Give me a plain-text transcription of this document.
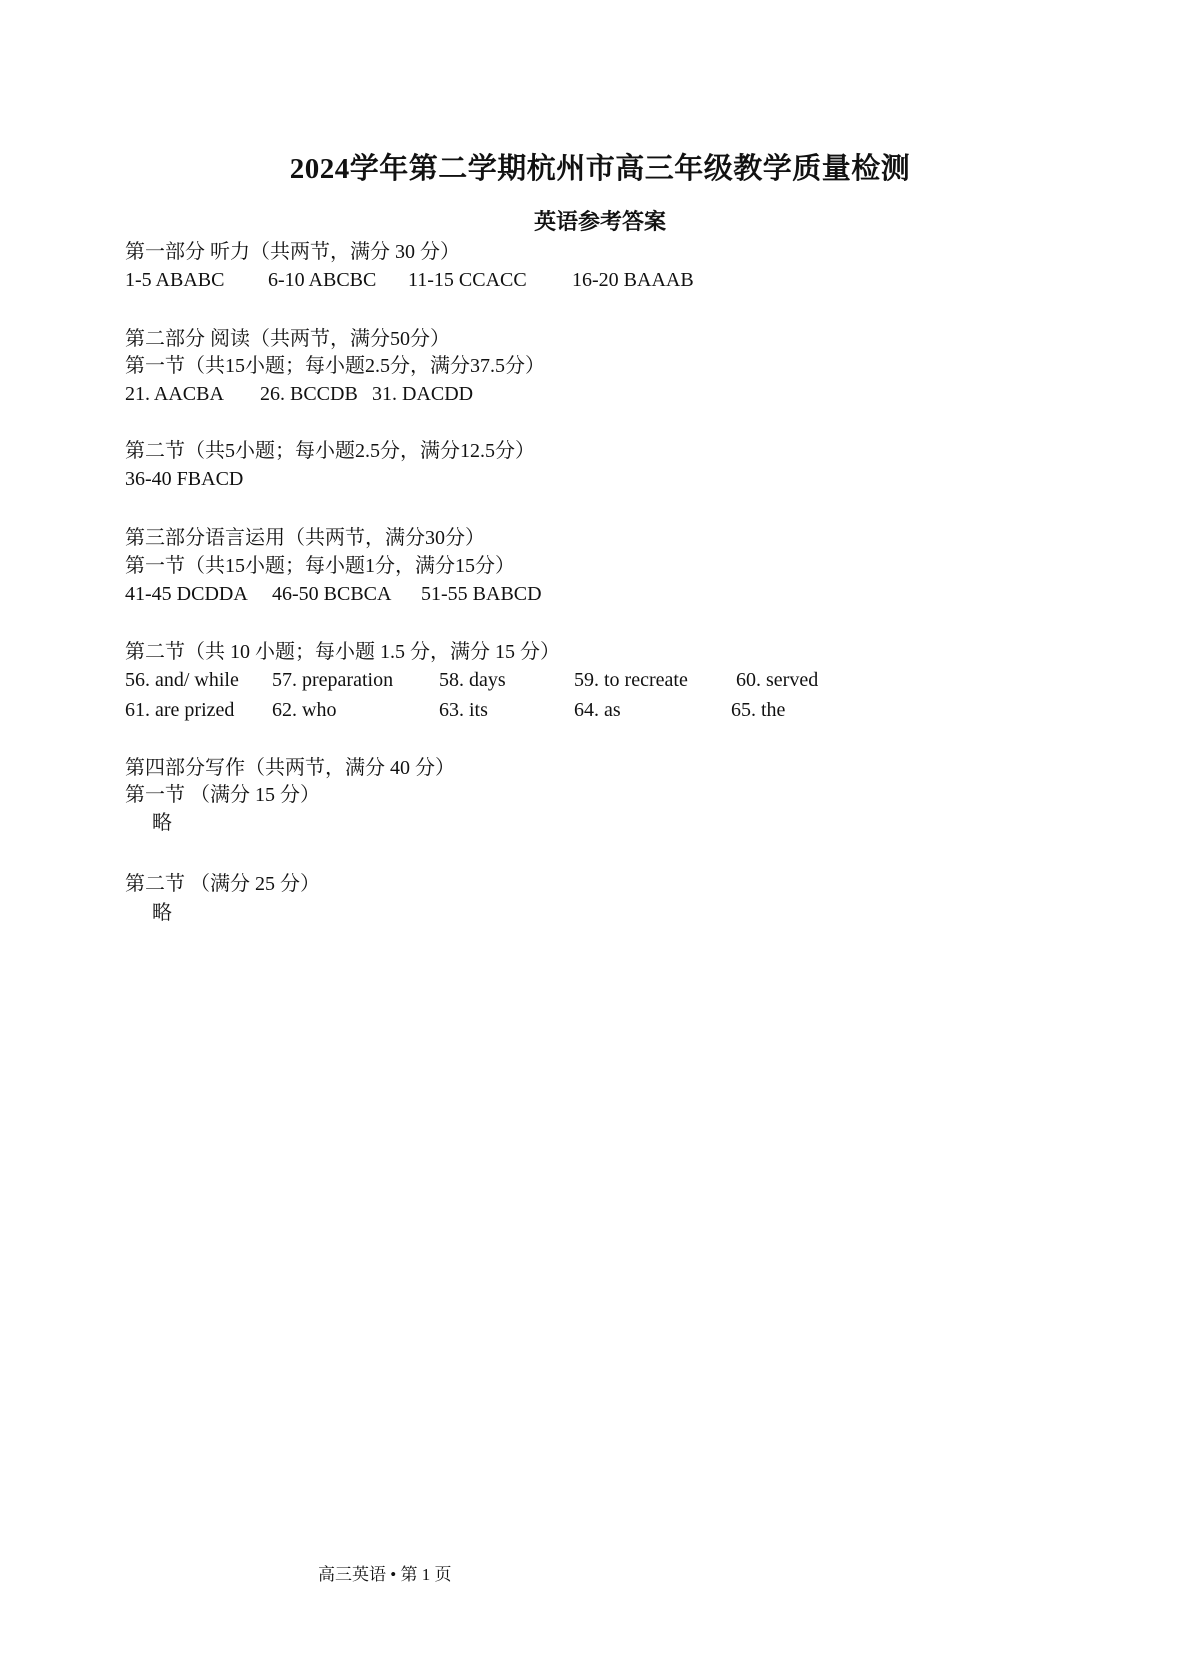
2024学年第二学期杭州市高三年级教学质量检测
英语参考答案
第一部分 听力（共两节，满分 30 分）
1-5 ABABC 6-10 ABCBC 11-15 CCACC 16-20 BAAAB
第二部分 阅读（共两节，满分50分）
第一节（共15小题；每小题2.5分，满分37.5分）
21. AACBA 26. BCCDB 31. DACDD
第二节（共5小题；每小题2.5分，满分12.5分）
36-40 FBACD
第三部分语言运用（共两节，满分30分）
第一节（共15小题；每小题1分，满分15分）
41-45 DCDDA 46-50 BCBCA 51-55 BABCD
第二节（共 10 小题；每小题 1.5 分，满分 15 分）
56. and/ while 57. preparation 58. days	59. to recreate 60. served
61. are prized 62. who	63. its	64. as	65. the
第四部分写作（共两节，满分 40 分）
第一节 （满分 15 分）
略
第二节 （满分 25 分）
略
高三英语 • 第 1 页
